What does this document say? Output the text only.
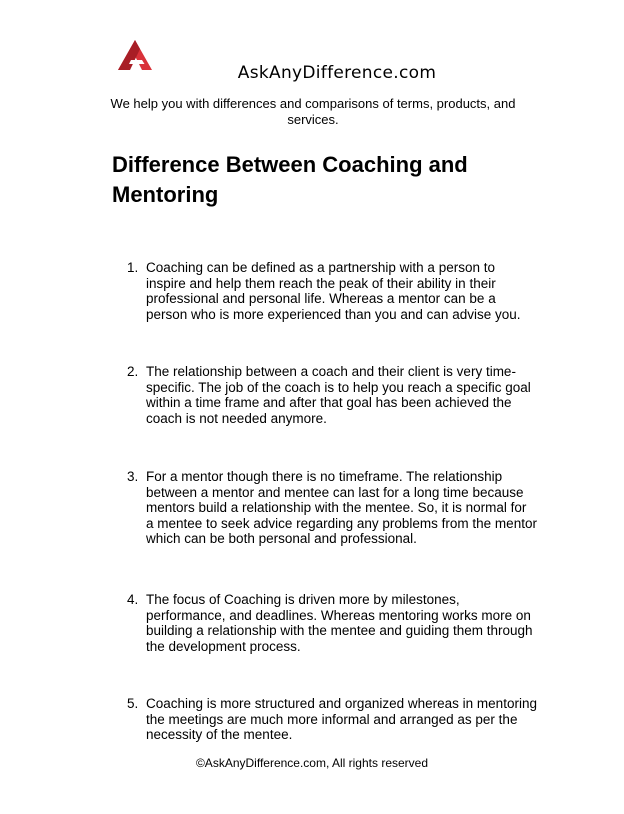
AskAnyDifference.com
We help you with differences and comparisons of terms, products, and services.
Difference Between Coaching and Mentoring
1. Coaching can be defined as a partnership with a person to inspire and help them reach the peak of their ability in their professional and personal life. Whereas a mentor can be a person who is more experienced than you and can advise you.
2. The relationship between a coach and their client is very time-specific. The job of the coach is to help you reach a specific goal within a time frame and after that goal has been achieved the coach is not needed anymore.
3. For a mentor though there is no timeframe. The relationship between a mentor and mentee can last for a long time because mentors build a relationship with the mentee. So, it is normal for a mentee to seek advice regarding any problems from the mentor which can be both personal and professional.
4. The focus of Coaching is driven more by milestones, performance, and deadlines. Whereas mentoring works more on building a relationship with the mentee and guiding them through the development process.
5. Coaching is more structured and organized whereas in mentoring the meetings are much more informal and arranged as per the necessity of the mentee.
©AskAnyDifference.com, All rights reserved
